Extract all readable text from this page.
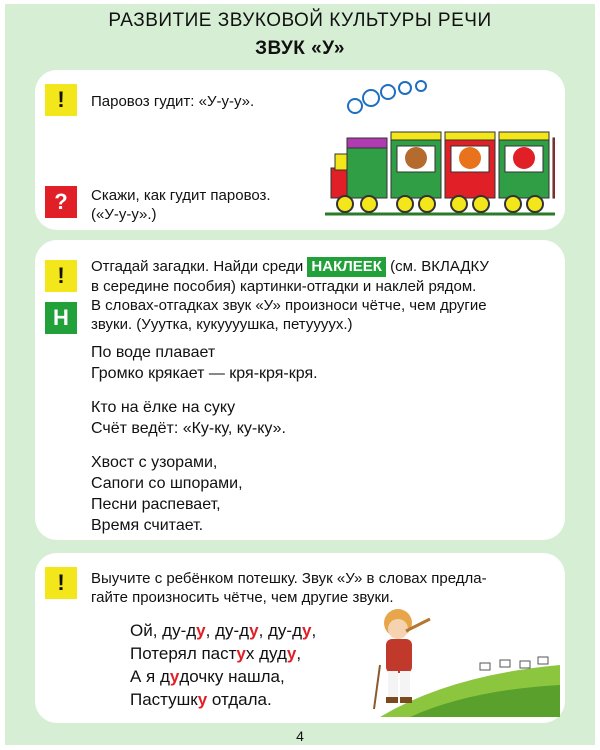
РАЗВИТИЕ ЗВУКОВОЙ КУЛЬТУРЫ РЕЧИ
ЗВУК «У»
!	Паровоз гудит: «У-у-у».
?	Скажи, как гудит паровоз.
(«У-у-у».)
!
Н
Отгадай загадки. Найди среди НАКЛЕЕК (см. ВКЛАДКУ
в середине пособия) картинки-отгадки и наклей рядом.
В словах-отгадках звук «У» произноси чётче, чем другие
звуки. (Ууутка, кукуууушка, петуууух.)
По воде плавает
Громко крякает — кря-кря-кря.
Кто на ёлке на суку
Счёт ведёт: «Ку-ку, ку-ку».
Хвост с узорами,
Сапоги со шпорами,
Песни распевает,
Время считает.
!	Выучите с ребёнком потешку. Звук «У» в словах предла-
гайте произносить чётче, чем другие звуки.
Ой, ду-ду, ду-ду, ду-ду,
Потерял пастух дуду,
А я дудочку нашла,
Пастушку отдала.
4
